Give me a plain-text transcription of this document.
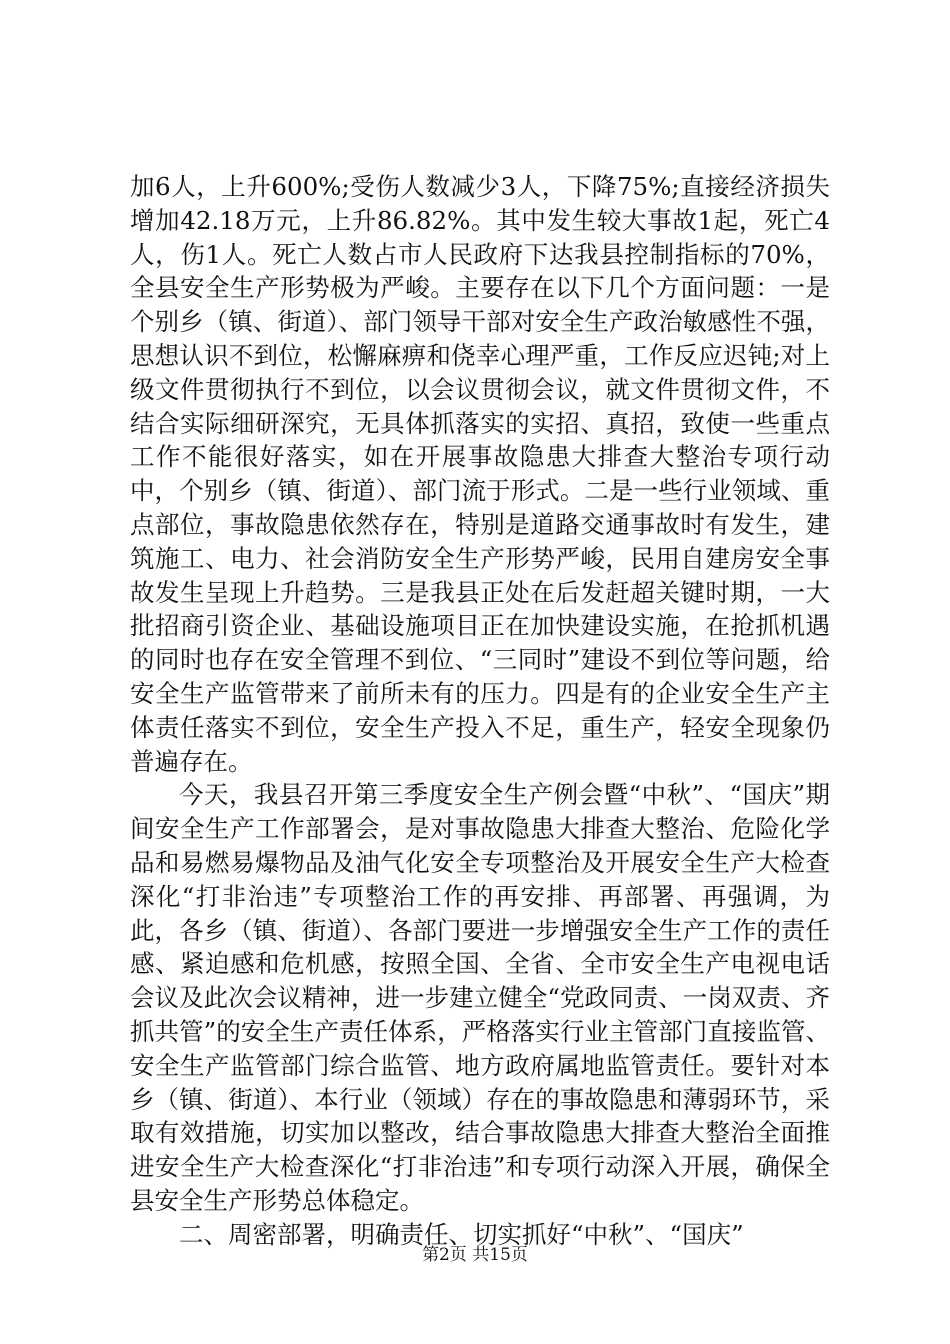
加6人，上升600%;受伤人数减少3人，下降75%;直接经济损失增加42.18万元，上升86.82%。其中发生较大事故1起，死亡4人，伤1人。死亡人数占市人民政府下达我县控制指标的70%，全县安全生产形势极为严峻。主要存在以下几个方面问题：一是个别乡（镇、街道）、部门领导干部对安全生产政治敏感性不强，思想认识不到位，松懈麻痹和侥幸心理严重，工作反应迟钝;对上级文件贯彻执行不到位，以会议贯彻会议，就文件贯彻文件，不结合实际细研深究，无具体抓落实的实招、真招，致使一些重点工作不能很好落实，如在开展事故隐患大排查大整治专项行动中，个别乡（镇、街道）、部门流于形式。二是一些行业领域、重点部位，事故隐患依然存在，特别是道路交通事故时有发生，建筑施工、电力、社会消防安全生产形势严峻，民用自建房安全事故发生呈现上升趋势。三是我县正处在后发赶超关键时期，一大批招商引资企业、基础设施项目正在加快建设实施，在抢抓机遇的同时也存在安全管理不到位、“三同时”建设不到位等问题，给安全生产监管带来了前所未有的压力。四是有的企业安全生产主体责任落实不到位，安全生产投入不足，重生产，轻安全现象仍普遍存在。

今天，我县召开第三季度安全生产例会暨“中秋”、“国庆”期间安全生产工作部署会，是对事故隐患大排查大整治、危险化学品和易燃易爆物品及油气化安全专项整治及开展安全生产大检查深化“打非治违”专项整治工作的再安排、再部署、再强调，为此，各乡（镇、街道）、各部门要进一步增强安全生产工作的责任感、紧迫感和危机感，按照全国、全省、全市安全生产电视电话会议及此次会议精神，进一步建立健全“党政同责、一岗双责、齐抓共管”的安全生产责任体系，严格落实行业主管部门直接监管、安全生产监管部门综合监管、地方政府属地监管责任。要针对本乡（镇、街道）、本行业（领域）存在的事故隐患和薄弱环节，采取有效措施，切实加以整改，结合事故隐患大排查大整治全面推进安全生产大检查深化“打非治违”和专项行动深入开展，确保全县安全生产形势总体稳定。

二、周密部署，明确责任、切实抓好“中秋”、“国庆”

第2页 共15页
